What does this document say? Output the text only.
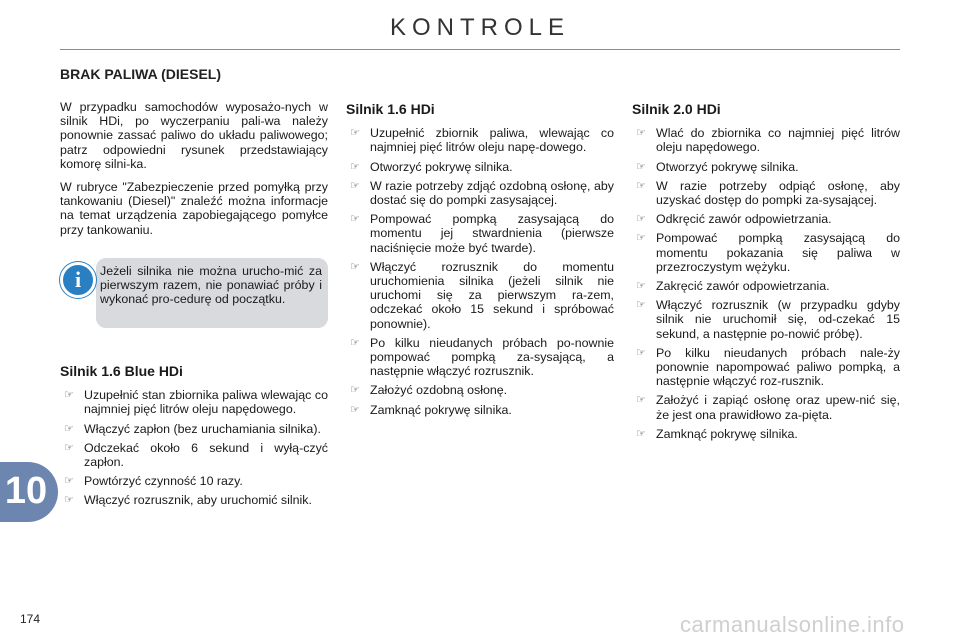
KONTROLE
BRAK PALIWA (DIESEL)

W przypadku samochodów wyposażo-nych w silnik HDi, po wyczerpaniu pali-wa należy ponownie zassać paliwo do układu paliwowego; patrz odpowiedni rysunek przedstawiający komorę silni-ka.

W rubryce "Zabezpieczenie przed pomyłką przy tankowaniu (Diesel)" znaleźć można informacje na temat urządzenia zapobiegającego pomyłce przy tankowaniu.

i	Jeżeli silnika nie można urucho-mić za pierwszym razem, nie ponawiać próby i wykonać pro-cedurę od początku.
Silnik 1.6 Blue HDi
☞ Uzupełnić stan zbiornika paliwa wlewając co najmniej pięć litrów oleju napędowego.
☞ Włączyć zapłon (bez uruchamiania silnika).
☞ Odczekać około 6 sekund i wyłą-czyć zapłon.
☞ Powtórzyć czynność 10 razy.
☞ Włączyć rozrusznik, aby uruchomić silnik.
Silnik 1.6 HDi
☞ Uzupełnić zbiornik paliwa, wlewając co najmniej pięć litrów oleju napę-dowego.
☞ Otworzyć pokrywę silnika.
☞ W razie potrzeby zdjąć ozdobną osłonę, aby dostać się do pompki zasysającej.
☞ Pompować pompką zasysającą do momentu jej stwardnienia (pierwsze naciśnięcie może być twarde).
☞ Włączyć rozrusznik do momentu uruchomienia silnika (jeżeli silnik nie uruchomi się za pierwszym ra-zem, odczekać około 15 sekund i spróbować ponownie).
☞ Po kilku nieudanych próbach po-nownie pompować pompką za-sysającą, a następnie włączyć rozrusznik.
☞ Założyć ozdobną osłonę.
☞ Zamknąć pokrywę silnika.
Silnik 2.0 HDi
☞ Wlać do zbiornika co najmniej pięć litrów oleju napędowego.
☞ Otworzyć pokrywę silnika.
☞ W razie potrzeby odpiąć osłonę, aby uzyskać dostęp do pompki za-sysającej.
☞ Odkręcić zawór odpowietrzania.
☞ Pompować pompką zasysającą do momentu pokazania się paliwa w przezroczystym wężyku.
☞ Zakręcić zawór odpowietrzania.
☞ Włączyć rozrusznik (w przypadku gdyby silnik nie uruchomił się, od-czekać 15 sekund, a następnie po-nowić próbę).
☞ Po kilku nieudanych próbach nale-ży ponownie napompować paliwo pompką, a następnie włączyć roz-rusznik.
☞ Założyć i zapiąć osłonę oraz upew-nić się, że jest ona prawidłowo za-pięta.
☞ Zamknąć pokrywę silnika.
10
174	carmanualsonline.info
